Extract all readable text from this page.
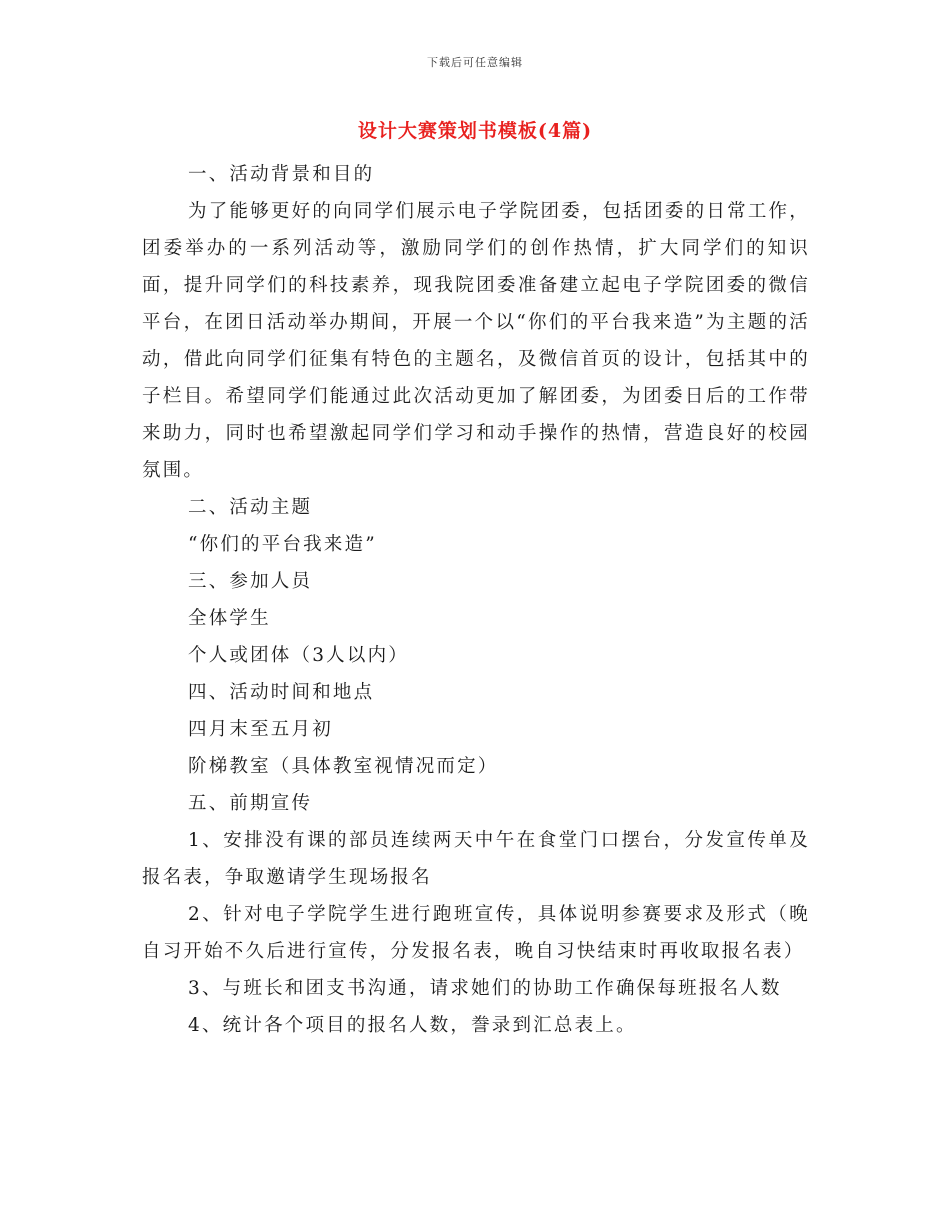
下载后可任意编辑
设计大赛策划书模板(4篇)

一、活动背景和目的

为了能够更好的向同学们展示电子学院团委，包括团委的日常工作，团委举办的一系列活动等，激励同学们的创作热情，扩大同学们的知识面，提升同学们的科技素养，现我院团委准备建立起电子学院团委的微信平台，在团日活动举办期间，开展一个以“你们的平台我来造”为主题的活动，借此向同学们征集有特色的主题名，及微信首页的设计，包括其中的子栏目。希望同学们能通过此次活动更加了解团委，为团委日后的工作带来助力，同时也希望激起同学们学习和动手操作的热情，营造良好的校园氛围。

二、活动主题

“你们的平台我来造”

三、参加人员

全体学生

个人或团体（3人以内）

四、活动时间和地点

四月末至五月初

阶梯教室（具体教室视情况而定）

五、前期宣传

1、安排没有课的部员连续两天中午在食堂门口摆台，分发宣传单及报名表，争取邀请学生现场报名

2、针对电子学院学生进行跑班宣传，具体说明参赛要求及形式（晚自习开始不久后进行宣传，分发报名表，晚自习快结束时再收取报名表）

3、与班长和团支书沟通，请求她们的协助工作确保每班报名人数

4、统计各个项目的报名人数，誊录到汇总表上。
